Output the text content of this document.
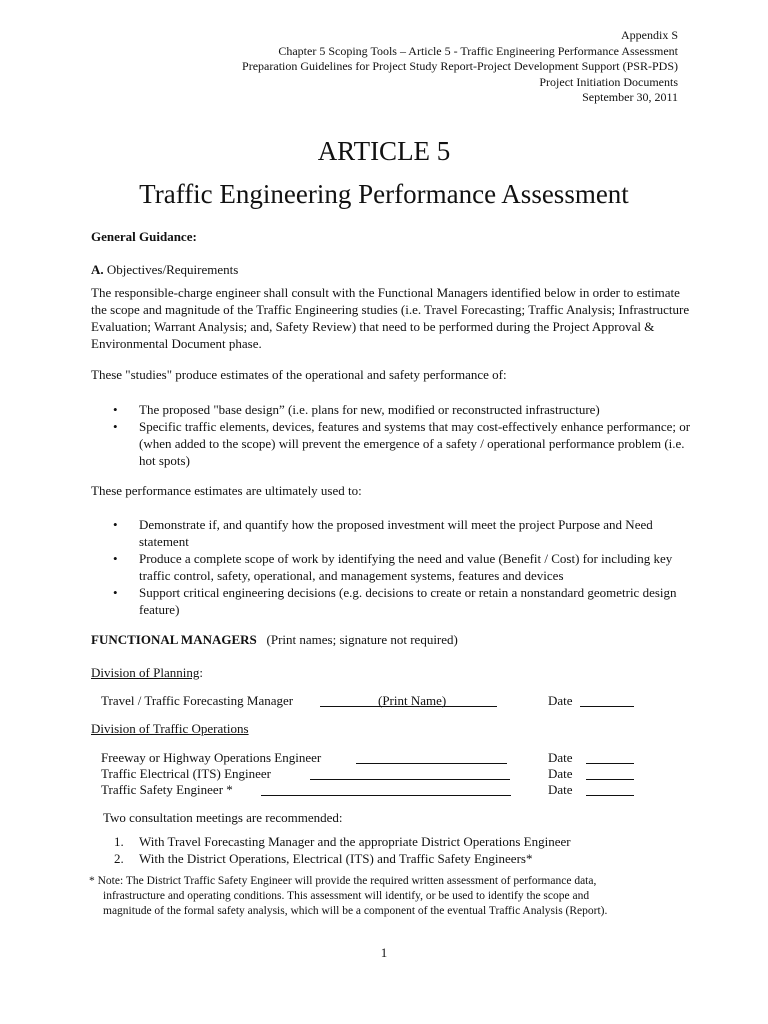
Appendix S
Chapter 5 Scoping Tools – Article 5 - Traffic Engineering Performance Assessment
Preparation Guidelines for Project Study Report-Project Development Support (PSR-PDS)
Project Initiation Documents
September 30, 2011
ARTICLE 5
Traffic Engineering Performance Assessment
General Guidance:
A. Objectives/Requirements
The responsible-charge engineer shall consult with the Functional Managers identified below in order to estimate the scope and magnitude of the Traffic Engineering studies (i.e. Travel Forecasting; Traffic Analysis; Infrastructure Evaluation; Warrant Analysis; and, Safety Review) that need to be performed during the Project Approval & Environmental Document phase.
These "studies" produce estimates of the operational and safety performance of:
• The proposed "base design” (i.e. plans for new, modified or reconstructed infrastructure)
• Specific traffic elements, devices, features and systems that may cost-effectively enhance performance; or (when added to the scope) will prevent the emergence of a safety / operational performance problem (i.e. hot spots)
These performance estimates are ultimately used to:
• Demonstrate if, and quantify how the proposed investment will meet the project Purpose and Need statement
• Produce a complete scope of work by identifying the need and value (Benefit / Cost) for including key traffic control, safety, operational, and management systems, features and devices
• Support critical engineering decisions (e.g. decisions to create or retain a nonstandard geometric design feature)
FUNCTIONAL MANAGERS (Print names; signature not required)
Division of Planning:
Travel / Traffic Forecasting Manager	(Print Name)	Date
Division of Traffic Operations
Freeway or Highway Operations Engineer	Date
Traffic Electrical (ITS) Engineer	Date
Traffic Safety Engineer *	Date
Two consultation meetings are recommended:
1. With Travel Forecasting Manager and the appropriate District Operations Engineer
2. With the District Operations, Electrical (ITS) and Traffic Safety Engineers*
* Note: The District Traffic Safety Engineer will provide the required written assessment of performance data,
infrastructure and operating conditions. This assessment will identify, or be used to identify the scope and
magnitude of the formal safety analysis, which will be a component of the eventual Traffic Analysis (Report).
1
